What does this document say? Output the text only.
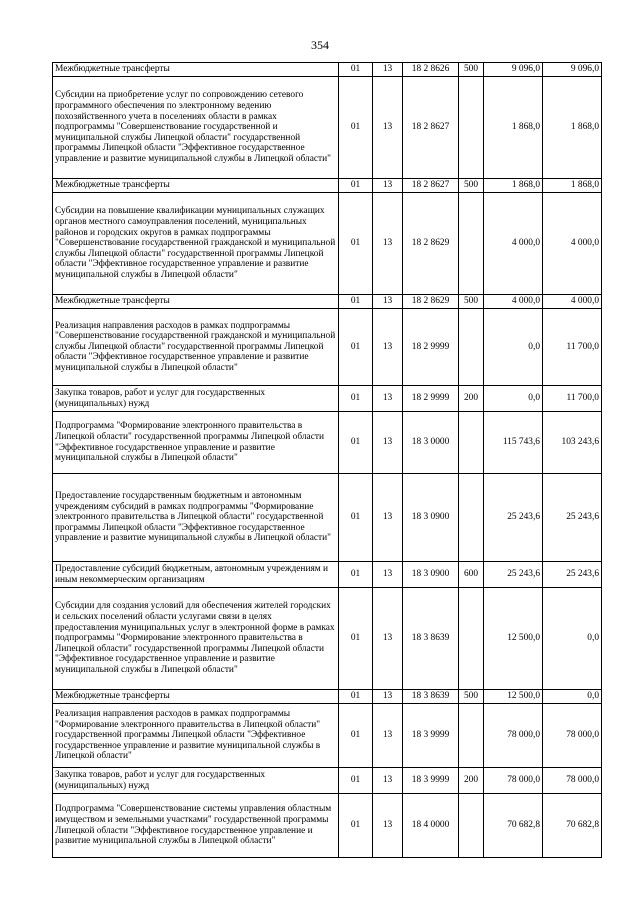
354
Межбюджетные трансферты	01	13	18 2 8626	500	9 096,0	9 096,0
Субсидии на приобретение услуг по сопровождению сетевого программного обеспечения по электронному ведению похозяйственного учета в поселениях области в рамках подпрограммы "Совершенствование государственной и муниципальной службы Липецкой области" государственной программы Липецкой области "Эффективное государственное управление и развитие муниципальной службы в Липецкой области"	01	13	18 2 8627		1 868,0	1 868,0
Межбюджетные трансферты	01	13	18 2 8627	500	1 868,0	1 868,0
Субсидии на повышение квалификации муниципальных служащих органов местного самоуправления поселений, муниципальных районов и городских округов в рамках подпрограммы "Совершенствование государственной гражданской и муниципальной службы Липецкой области" государственной программы Липецкой области "Эффективное государственное управление и развитие муниципальной службы в Липецкой области"	01	13	18 2 8629		4 000,0	4 000,0
Межбюджетные трансферты	01	13	18 2 8629	500	4 000,0	4 000,0
Реализация направления расходов в рамках подпрограммы "Совершенствование государственной гражданской и муниципальной службы Липецкой области" государственной программы Липецкой области "Эффективное государственное управление и развитие муниципальной службы в Липецкой области"	01	13	18 2 9999		0,0	11 700,0
Закупка товаров, работ и услуг для государственных (муниципальных) нужд	01	13	18 2 9999	200	0,0	11 700,0
Подпрограмма "Формирование электронного правительства в Липецкой области" государственной программы Липецкой области "Эффективное государственное управление и развитие муниципальной службы в Липецкой области"	01	13	18 3 0000		115 743,6	103 243,6
Предоставление государственным бюджетным и автономным учреждениям субсидий в рамках подпрограммы "Формирование электронного правительства в Липецкой области" государственной программы Липецкой области "Эффективное государственное управление и развитие муниципальной службы в Липецкой области"	01	13	18 3 0900		25 243,6	25 243,6
Предоставление субсидий бюджетным, автономным учреждениям и иным некоммерческим организациям	01	13	18 3 0900	600	25 243,6	25 243,6
Субсидии для создания условий для обеспечения жителей городских и сельских поселений области услугами связи в целях предоставления муниципальных услуг в электронной форме в рамках подпрограммы "Формирование электронного правительства в Липецкой области" государственной программы Липецкой области "Эффективное государственное управление и развитие муниципальной службы в Липецкой области"	01	13	18 3 8639		12 500,0	0,0
Межбюджетные трансферты	01	13	18 3 8639	500	12 500,0	0,0
Реализация направления расходов в рамках подпрограммы "Формирование электронного правительства в Липецкой области" государственной программы Липецкой области "Эффективное государственное управление и развитие муниципальной службы в Липецкой области"	01	13	18 3 9999		78 000,0	78 000,0
Закупка товаров, работ и услуг для государственных (муниципальных) нужд	01	13	18 3 9999	200	78 000,0	78 000,0
Подпрограмма "Совершенствование системы управления областным имуществом и земельными участками" государственной программы Липецкой области "Эффективное государственное управление и развитие муниципальной службы в Липецкой области"	01	13	18 4 0000		70 682,8	70 682,8
